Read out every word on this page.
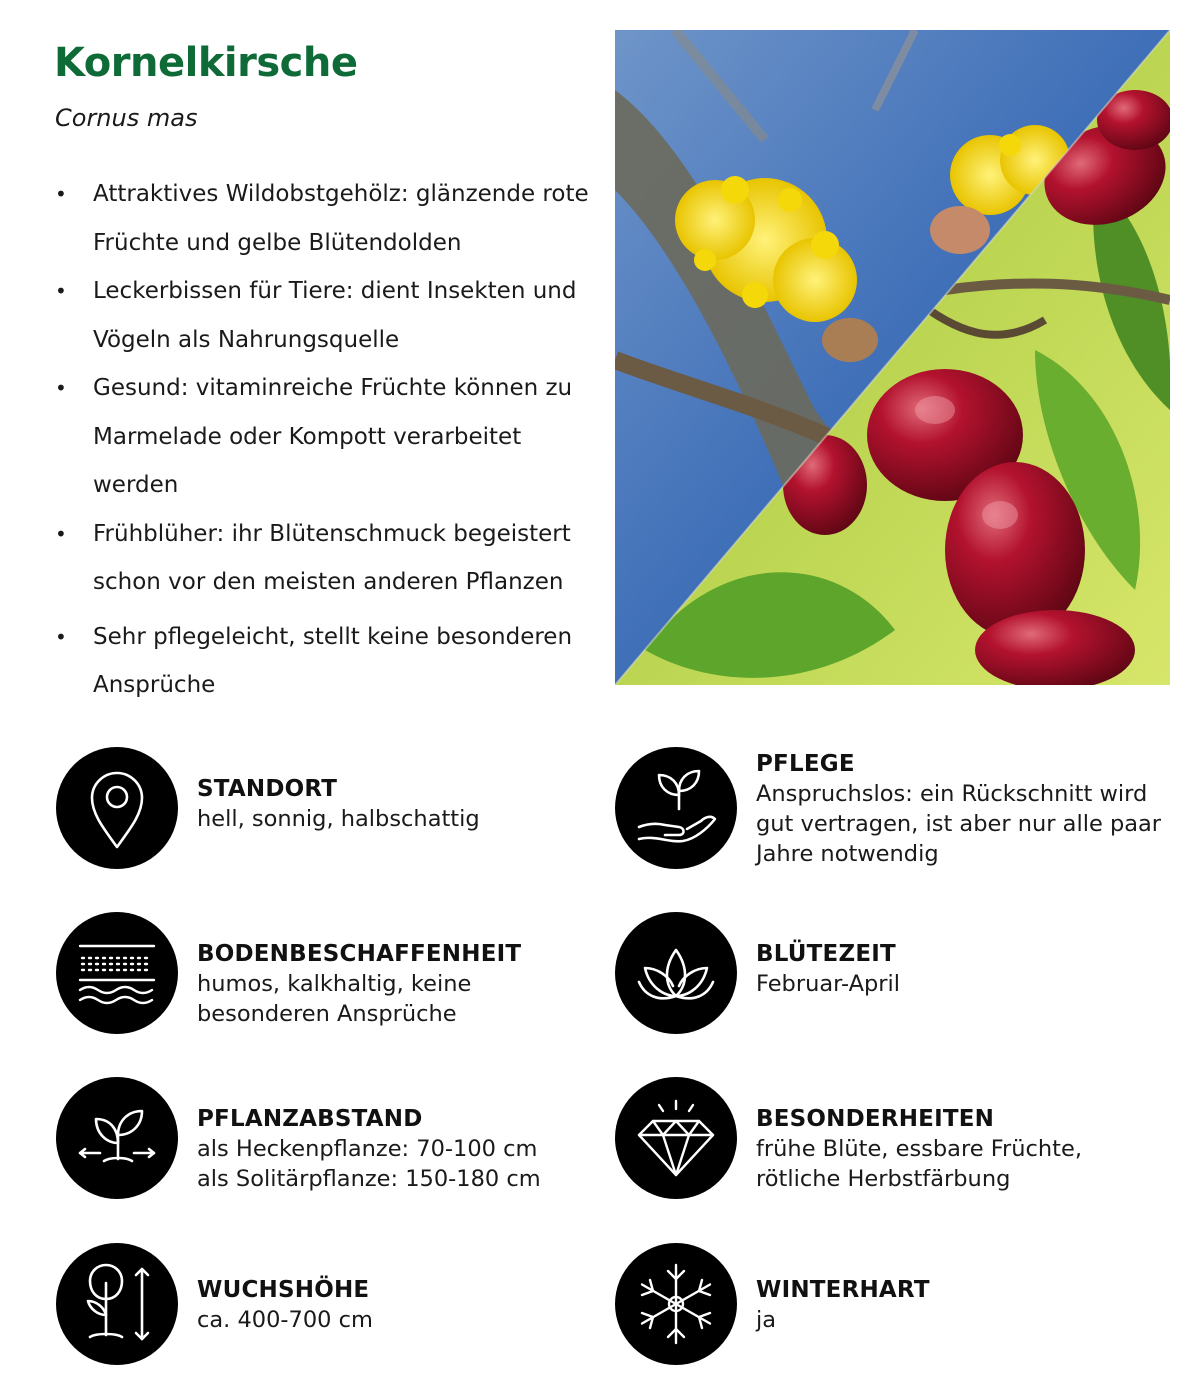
Kornelkirsche
Cornus mas
• Attraktives Wildobstgehölz: glänzende rote Früchte und gelbe Blütendolden
• Leckerbissen für Tiere: dient Insekten und Vögeln als Nahrungsquelle
• Gesund: vitaminreiche Früchte können zu Marmelade oder Kompott verarbeitet werden
• Frühblüher: ihr Blütenschmuck begeistert schon vor den meisten anderen Pflanzen
• Sehr pflegeleicht, stellt keine besonderen Ansprüche
STANDORT
hell, sonnig, halbschattig
PFLEGE
Anspruchslos: ein Rückschnitt wird
gut vertragen, ist aber nur alle paar
Jahre notwendig
BODENBESCHAFFENHEIT
humos, kalkhaltig, keine
besonderen Ansprüche
BLÜTEZEIT
Februar-April
PFLANZABSTAND
als Heckenpflanze: 70-100 cm
als Solitärpflanze: 150-180 cm
BESONDERHEITEN
frühe Blüte, essbare Früchte,
rötliche Herbstfärbung
WUCHSHÖHE
ca. 400-700 cm
WINTERHART
ja
